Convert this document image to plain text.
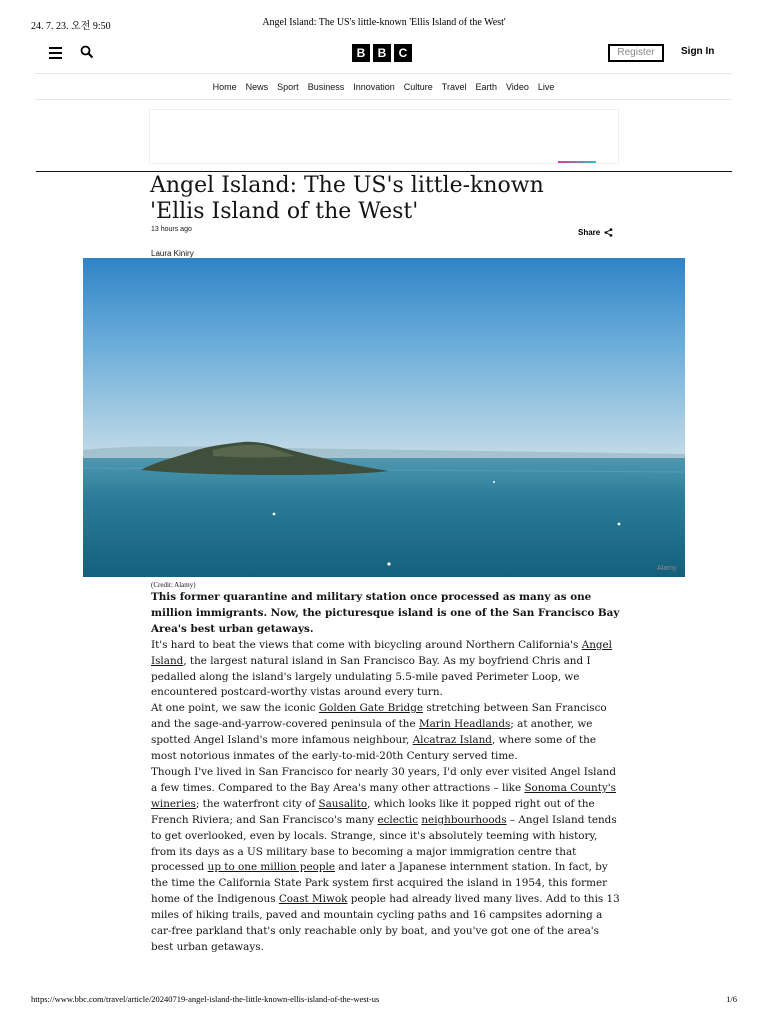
24. 7. 23. 오전 9:50	Angel Island: The US's little-known 'Ellis Island of the West'
B	B	C	Register	Sign In
Home News Sport Business Innovation Culture Travel Earth Video Live
Angel Island: The US's little-known 'Ellis Island of the West'
13 hours ago	Share
Laura Kiniry
Alamy
(Credit: Alamy)

This former quarantine and military station once processed as many as one million immigrants. Now, the picturesque island is one of the San Francisco Bay Area's best urban getaways.

It's hard to beat the views that come with bicycling around Northern California's Angel Island, the largest natural island in San Francisco Bay. As my boyfriend Chris and I pedalled along the island's largely undulating 5.5-mile paved Perimeter Loop, we encountered postcard-worthy vistas around every turn.

At one point, we saw the iconic Golden Gate Bridge stretching between San Francisco and the sage-and-yarrow-covered peninsula of the Marin Headlands; at another, we spotted Angel Island's more infamous neighbour, Alcatraz Island, where some of the most notorious inmates of the early-to-mid-20th Century served time.

Though I've lived in San Francisco for nearly 30 years, I'd only ever visited Angel Island a few times. Compared to the Bay Area's many other attractions – like Sonoma County's wineries; the waterfront city of Sausalito, which looks like it popped right out of the French Riviera; and San Francisco's many eclectic neighbourhoods – Angel Island tends to get overlooked, even by locals. Strange, since it's absolutely teeming with history, from its days as a US military base to becoming a major immigration centre that processed up to one million people and later a Japanese internment station. In fact, by the time the California State Park system first acquired the island in 1954, this former home of the Indigenous Coast Miwok people had already lived many lives. Add to this 13 miles of hiking trails, paved and mountain cycling paths and 16 campsites adorning a car-free parkland that's only reachable only by boat, and you've got one of the area's best urban getaways.

https://www.bbc.com/travel/article/20240719-angel-island-the-little-known-ellis-island-of-the-west-us	1/6
